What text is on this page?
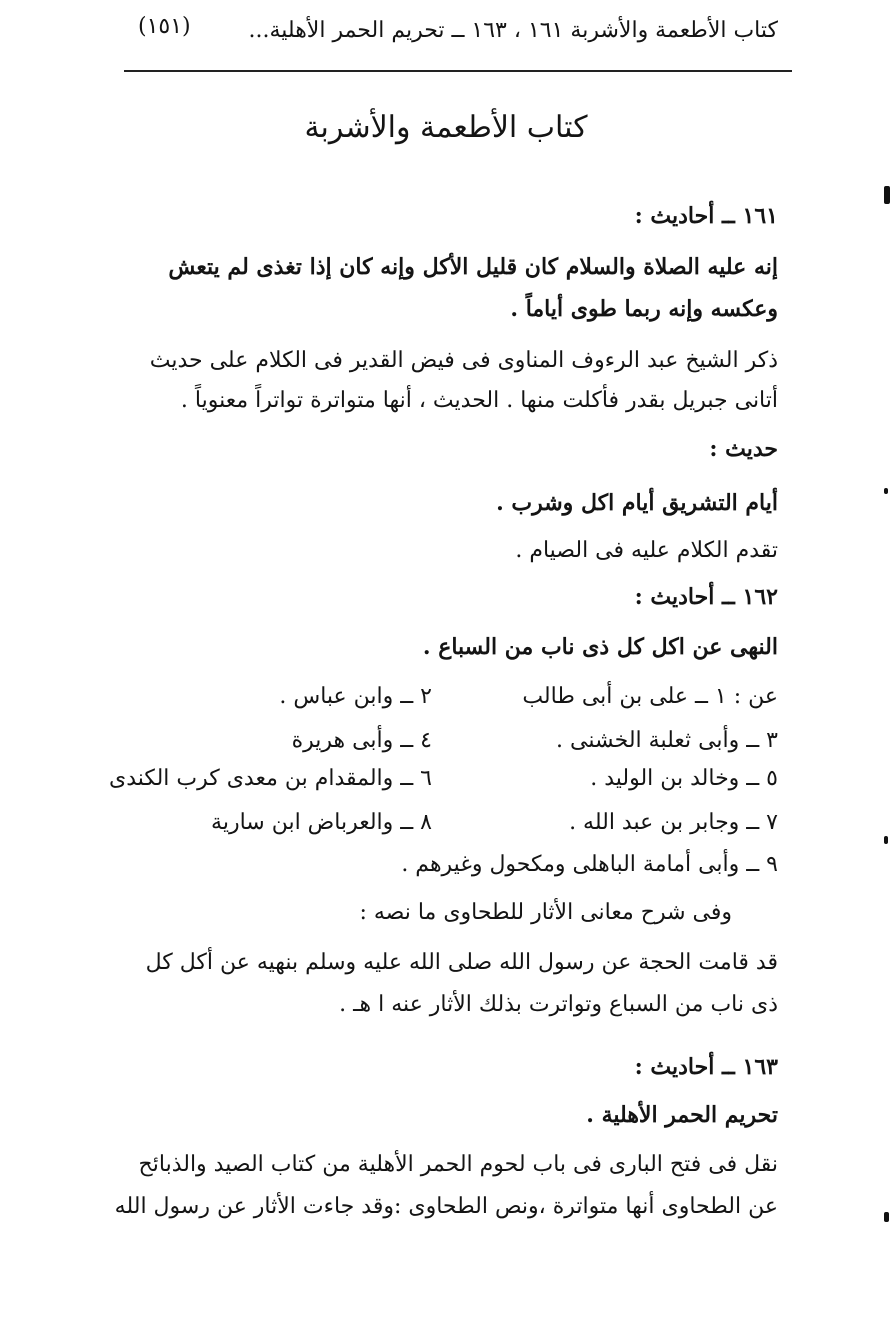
كتاب الأطعمة والأشربة ١٦١ ، ١٦٣ ــ تحريم الحمر الأهلية...
(١٥١)
كتاب الأطعمة والأشربة
١٦١ ــ أحاديث :
إنه عليه الصلاة والسلام كان قليل الأكل وإنه كان إذا تغذى لم يتعش
وعكسه وإنه ربما طوى أياماً .
ذكر الشيخ عبد الرءوف المناوى فى فيض القدير فى الكلام على حديث
أتانى جبريل بقدر فأكلت منها . الحديث ، أنها متواترة تواتراً معنوياً .
حديث :
أيام التشريق أيام اكل وشرب .
تقدم الكلام عليه فى الصيام .
١٦٢ ــ أحاديث :
النهى عن اكل كل ذى ناب من السباع .
عن : ١ ــ على بن أبى طالب
٢ ــ وابن عباس .
٣ ــ وأبى ثعلبة الخشنى .
٤ ــ وأبى هريرة
٥ ــ وخالد بن الوليد .
٦ ــ والمقدام بن معدى كرب الكندى
٧ ــ وجابر بن عبد الله .
٨ ــ والعرباض ابن سارية
٩ ــ وأبى أمامة الباهلى ومكحول وغيرهم .
وفى شرح معانى الأثار للطحاوى ما نصه :
قد قامت الحجة عن رسول الله صلى الله عليه وسلم بنهيه عن أكل كل
ذى ناب من السباع وتواترت بذلك الأثار عنه ا هـ .
١٦٣ ــ أحاديث :
تحريم الحمر الأهلية .
نقل فى فتح البارى فى باب لحوم الحمر الأهلية من كتاب الصيد والذبائح
عن الطحاوى أنها متواترة ،ونص الطحاوى :وقد جاءت الأثار عن رسول الله
